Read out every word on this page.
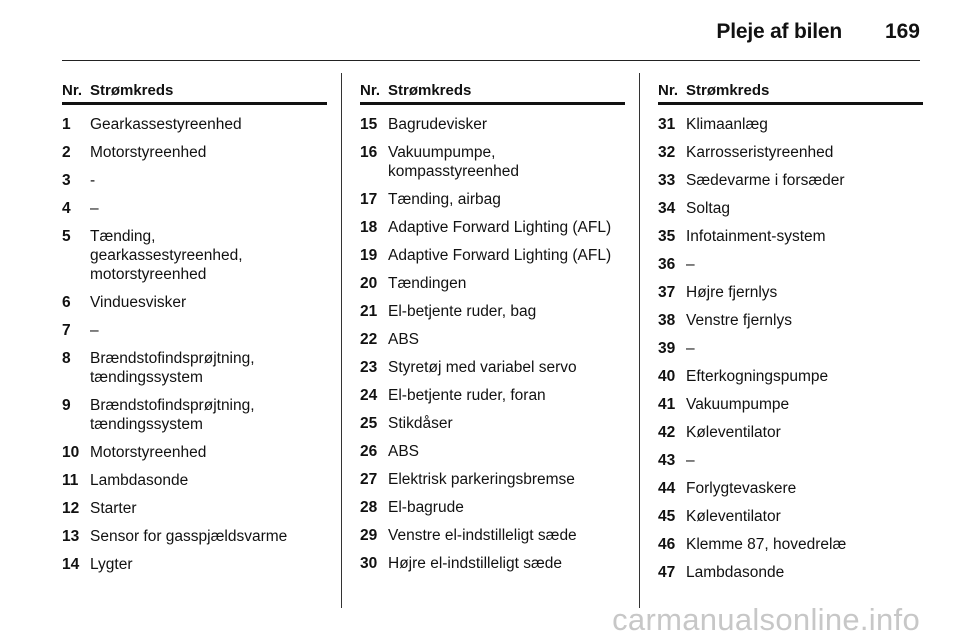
Pleje af bilen 169
Nr. Strømkreds
1 Gearkassestyreenhed
2 Motorstyreenhed
3 -
4 –
5 Tænding,
gearkassestyreenhed,
motorstyreenhed
6 Vinduesvisker
7 –
8 Brændstofindsprøjtning,
tændingssystem
9 Brændstofindsprøjtning,
tændingssystem
10 Motorstyreenhed
11 Lambdasonde
12 Starter
13 Sensor for gasspjældsvarme
14 Lygter
Nr. Strømkreds
15 Bagrudevisker
16 Vakuumpumpe,
kompasstyreenhed
17 Tænding, airbag
18 Adaptive Forward Lighting (AFL)
19 Adaptive Forward Lighting (AFL)
20 Tændingen
21 El-betjente ruder, bag
22 ABS
23 Styretøj med variabel servo
24 El-betjente ruder, foran
25 Stikdåser
26 ABS
27 Elektrisk parkeringsbremse
28 El-bagrude
29 Venstre el-indstilleligt sæde
30 Højre el-indstilleligt sæde
Nr. Strømkreds
31 Klimaanlæg
32 Karrosseristyreenhed
33 Sædevarme i forsæder
34 Soltag
35 Infotainment-system
36 –
37 Højre fjernlys
38 Venstre fjernlys
39 –
40 Efterkogningspumpe
41 Vakuumpumpe
42 Køleventilator
43 –
44 Forlygtevaskere
45 Køleventilator
46 Klemme 87, hovedrelæ
47 Lambdasonde
carmanualsonline.info
